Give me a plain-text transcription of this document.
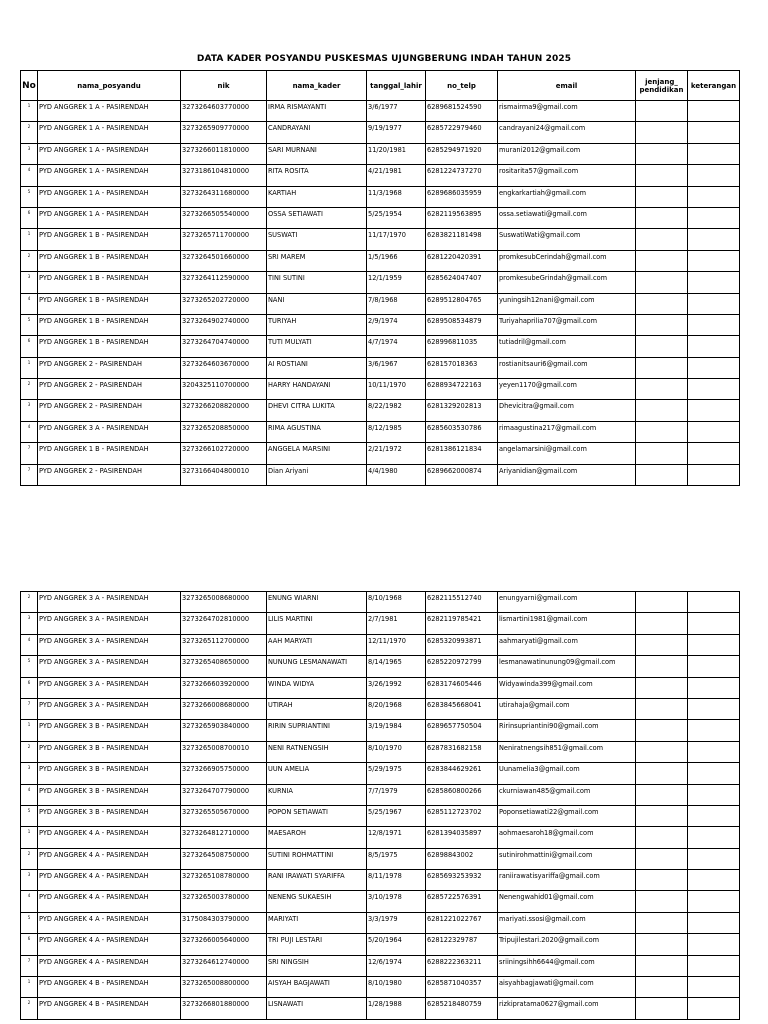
DATA KADER POSYANDU PUSKESMAS UJUNGBERUNG INDAH TAHUN 2025
No	nama_posyandu	nik	nama_kader	tanggal_lahir	no_telp	email	jenjang_ pendidikan	keterangan
1	PYD ANGGREK 1 A - PASIRENDAH	3273264603770000	IRMA RISMAYANTI	3/6/1977	6289681524590	rismairma9@gmail.com		
2	PYD ANGGREK 1 A - PASIRENDAH	3273265909770000	CANDRAYANI	9/19/1977	6285722979460	candrayani24@gmail.com		
3	PYD ANGGREK 1 A - PASIRENDAH	3273266011810000	SARI MURNANI	11/20/1981	6285294971920	murani2012@gmail.com		
4	PYD ANGGREK 1 A - PASIRENDAH	3273186104810000	RITA ROSITA	4/21/1981	6281224737270	rositarita57@gmail.com		
5	PYD ANGGREK 1 A - PASIRENDAH	3273264311680000	KARTIAH	11/3/1968	6289686035959	engkarkartiah@gmail.com		
6	PYD ANGGREK 1 A - PASIRENDAH	3273266505540000	OSSA SETIAWATI	5/25/1954	6282119563895	ossa.setiawati@gmail.com		
1	PYD ANGGREK 1 B - PASIRENDAH	3273265711700000	SUSWATI	11/17/1970	6283821181498	SuswatiWati@gmail.com		
2	PYD ANGGREK 1 B - PASIRENDAH	3273264501660000	SRI MAREM	1/5/1966	6281220420391	promkesubCerindah@gmail.com		
3	PYD ANGGREK 1 B - PASIRENDAH	3273264112590000	TINI SUTINI	12/1/1959	6285624047407	promkesubeGrindah@gmail.com		
4	PYD ANGGREK 1 B - PASIRENDAH	3273265202720000	NANI	7/8/1968	6289512804765	yuningsih12nani@gmail.com		
5	PYD ANGGREK 1 B - PASIRENDAH	3273264902740000	TURIYAH	2/9/1974	6289508534879	Turiyahaprilia707@gmail.com		
6	PYD ANGGREK 1 B - PASIRENDAH	3273264704740000	TUTI MULYATI	4/7/1974	628996811035	tutiadril@gmail.com		
1	PYD ANGGREK 2 - PASIRENDAH	3273264603670000	AI ROSTIANI	3/6/1967	628157018363	rostianitsauri6@gmail.com		
2	PYD ANGGREK 2 - PASIRENDAH	3204325110700000	HARRY HANDAYANI	10/11/1970	6288934722163	yeyen1170@gmail.com		
3	PYD ANGGREK 2 - PASIRENDAH	3273266208820000	DHEVI CITRA LUKITA	8/22/1982	6281329202813	Dhevicitra@gmail.com		
4	PYD ANGGREK 3 A - PASIRENDAH	3273265208850000	RIMA AGUSTINA	8/12/1985	6285603530786	rimaagustina217@gmail.com		
7	PYD ANGGREK 1 B - PASIRENDAH	3273266102720000	ANGGELA MARSINI	2/21/1972	6281386121834	angelamarsini@gmail.com		
7	PYD ANGGREK 2 - PASIRENDAH	3273166404800010	Dian Ariyani	4/4/1980	6289662000874	Ariyanidian@gmail.com		
2	PYD ANGGREK 3 A - PASIRENDAH	3273265008680000	ENUNG WIARNI	8/10/1968	6282115512740	enungyarni@gmail.com		
3	PYD ANGGREK 3 A - PASIRENDAH	3273264702810000	LILIS MARTINI	2/7/1981	6282119785421	lismartini1981@gmail.com		
4	PYD ANGGREK 3 A - PASIRENDAH	3273265112700000	AAH MARYATI	12/11/1970	6285320993871	aahmaryati@gmail.com		
5	PYD ANGGREK 3 A - PASIRENDAH	3273265408650000	NUNUNG LESMANAWATI	8/14/1965	6285220972799	lesmanawatinunung09@gmail.com		
6	PYD ANGGREK 3 A - PASIRENDAH	3273266603920000	WINDA WIDYA	3/26/1992	6283174605446	Widyawinda399@gmail.com		
7	PYD ANGGREK 3 A - PASIRENDAH	3273266008680000	UTIRAH	8/20/1968	6283845668041	utirahaja@gmail.com		
1	PYD ANGGREK 3 B - PASIRENDAH	3273265903840000	RIRIN SUPRIANTINI	3/19/1984	6289657750504	Ririnsupriantini90@gmail.com		
2	PYD ANGGREK 3 B - PASIRENDAH	3273265008700010	NENI RATNENGSIH	8/10/1970	6287831682158	Neniratnengsih851@gmail.com		
3	PYD ANGGREK 3 B - PASIRENDAH	3273266905750000	UUN AMELIA	5/29/1975	6283844629261	Uunamelia3@gmail.com		
4	PYD ANGGREK 3 B - PASIRENDAH	3273264707790000	KURNIA	7/7/1979	6285860800266	ckurniawan485@gmail.com		
5	PYD ANGGREK 3 B - PASIRENDAH	3273265505670000	POPON SETIAWATI	5/25/1967	6285112723702	Poponsetiawati22@gmail.com		
1	PYD ANGGREK 4 A - PASIRENDAH	3273264812710000	MAESAROH	12/8/1971	6281394035897	aohmaesaroh18@gmail.com		
2	PYD ANGGREK 4 A - PASIRENDAH	3273264508750000	SUTINI ROHMATTINI	8/5/1975	62898843002	sutinirohmattini@gmail.com		
3	PYD ANGGREK 4 A - PASIRENDAH	3273265108780000	RANI IRAWATI SYARIFFA	8/11/1978	6285693253932	raniirawatisyariffa@gmail.com		
4	PYD ANGGREK 4 A - PASIRENDAH	3273265003780000	NENENG SUKAESIH	3/10/1978	6285722576391	Nenengwahid01@gmail.com		
5	PYD ANGGREK 4 A - PASIRENDAH	3175084303790000	MARIYATI	3/3/1979	6281221022767	mariyati.ssosi@gmail.com		
6	PYD ANGGREK 4 A - PASIRENDAH	3273266005640000	TRI PUJI LESTARI	5/20/1964	628122329787	Tripujilestari.2020@gmail.com		
7	PYD ANGGREK 4 A - PASIRENDAH	3273264612740000	SRI NINGSIH	12/6/1974	6288222363211	sriiningsihh6644@gmail.com		
1	PYD ANGGREK 4 B - PASIRENDAH	3273265008800000	AISYAH BAGJAWATI	8/10/1980	6285871040357	aisyahbagjawati@gmail.com		
2	PYD ANGGREK 4 B - PASIRENDAH	3273266801880000	LISNAWATI	1/28/1988	6285218480759	rizkipratama0627@gmail.com		
